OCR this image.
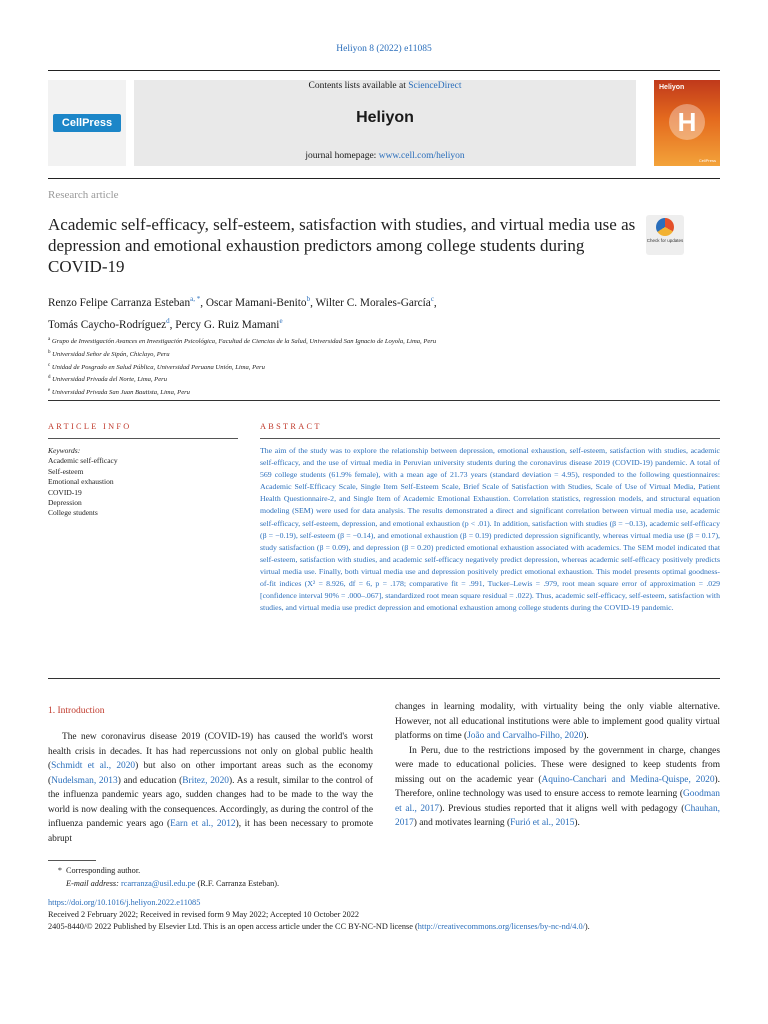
Heliyon 8 (2022) e11085
CellPress
Contents lists available at ScienceDirect
Heliyon
journal homepage: www.cell.com/heliyon
Heliyon
H
CellPress
Research article
Academic self-efficacy, self-esteem, satisfaction with studies, and virtual media use as depression and emotional exhaustion predictors among college students during COVID-19
Check for updates
Renzo Felipe Carranza Esteban$^{a, *}$, Oscar Mamani-Benito$^b$, Wilter C. Morales-García$^c$,
Tomás Caycho-Rodríguez$^d$, Percy G. Ruiz Mamani$^e$
$^a$ Grupo de Investigación Avances en Investigación Psicológica, Facultad de Ciencias de la Salud, Universidad San Ignacio de Loyola, Lima, Peru
$^b$ Universidad Señor de Sipán, Chiclayo, Peru
$^c$ Unidad de Posgrado en Salud Pública, Universidad Peruana Unión, Lima, Peru
$^d$ Universidad Privada del Norte, Lima, Peru
$^e$ Universidad Privada San Juan Bautista, Lima, Peru
ARTICLE INFO	ABSTRACT
Keywords:
Academic self-efficacy
Self-esteem
Emotional exhaustion
COVID-19
Depression
College students

The aim of the study was to explore the relationship between depression, emotional exhaustion, self-esteem, satisfaction with studies, academic self-efficacy, and the use of virtual media in Peruvian university students during the coronavirus disease 2019 (COVID-19) pandemic. A total of 569 college students (61.9% female), with a mean age of 21.73 years (standard deviation = 4.95), responded to the following questionnaires: Academic Self-Efficacy Scale, Single Item Self-Esteem Scale, Brief Scale of Satisfaction with Studies, Scale of Use of Virtual Media, Patient Health Questionnaire-2, and Single Item of Academic Emotional Exhaustion. Correlation statistics, regression models, and structural equation modeling (SEM) were used for data analysis. The results demonstrated a direct and significant correlation between virtual media use, academic self-efficacy, self-esteem, depression, and emotional exhaustion (p < .01). In addition, satisfaction with studies (β = −0.13), academic self-efficacy (β = −0.19), self-esteem (β = −0.14), and emotional exhaustion (β = 0.19) predicted depression significantly, whereas virtual media use (β = 0.17), study satisfaction (β = 0.09), and depression (β = 0.20) predicted emotional exhaustion associated with academics. The SEM model indicated that self-esteem, satisfaction with studies, and academic self-efficacy negatively predict depression, whereas academic self-efficacy positively predicts virtual media use. Finally, both virtual media use and depression positively predict emotional exhaustion. This model presents optimal goodness-of-fit indices (X² = 8.926, df = 6, p = .178; comparative fit = .991, Tucker–Lewis = .979, root mean square error of approximation = .029 [confidence interval 90% = .000–.067], standardized root mean square residual = .022). Thus, academic self-efficacy, self-esteem, satisfaction with studies, and virtual media use predict depression and emotional exhaustion among college students during the COVID-19 pandemic.

1. Introduction

The new coronavirus disease 2019 (COVID-19) has caused the world's worst health crisis in decades. It has had repercussions not only on global public health (Schmidt et al., 2020) but also on other important areas such as the economy (Nudelsman, 2013) and education (Britez, 2020). As a result, similar to the control of the influenza pandemic years ago, sudden changes had to be made to the way the world is now dealing with the consequences. Accordingly, as during the control of the influenza pandemic years ago (Earn et al., 2012), it has been necessary to promote abrupt

changes in learning modality, with virtuality being the only viable alternative. However, not all educational institutions were able to implement good quality virtual platforms on time (João and Carvalho-Filho, 2020).
In Peru, due to the restrictions imposed by the government in charge, changes were made to educational policies. These were designed to keep students from missing out on the academic year (Aquino-Canchari and Medina-Quispe, 2020). Therefore, online technology was used to ensure access to remote learning (Goodman et al., 2017). Previous studies reported that it aligns well with pedagogy (Chauhan, 2017) and motivates learning (Furió et al., 2015).

* Corresponding author.
E-mail address: rcarranza@usil.edu.pe (R.F. Carranza Esteban).
https://doi.org/10.1016/j.heliyon.2022.e11085
Received 2 February 2022; Received in revised form 9 May 2022; Accepted 10 October 2022
2405-8440/© 2022 Published by Elsevier Ltd. This is an open access article under the CC BY-NC-ND license (http://creativecommons.org/licenses/by-nc-nd/4.0/).
